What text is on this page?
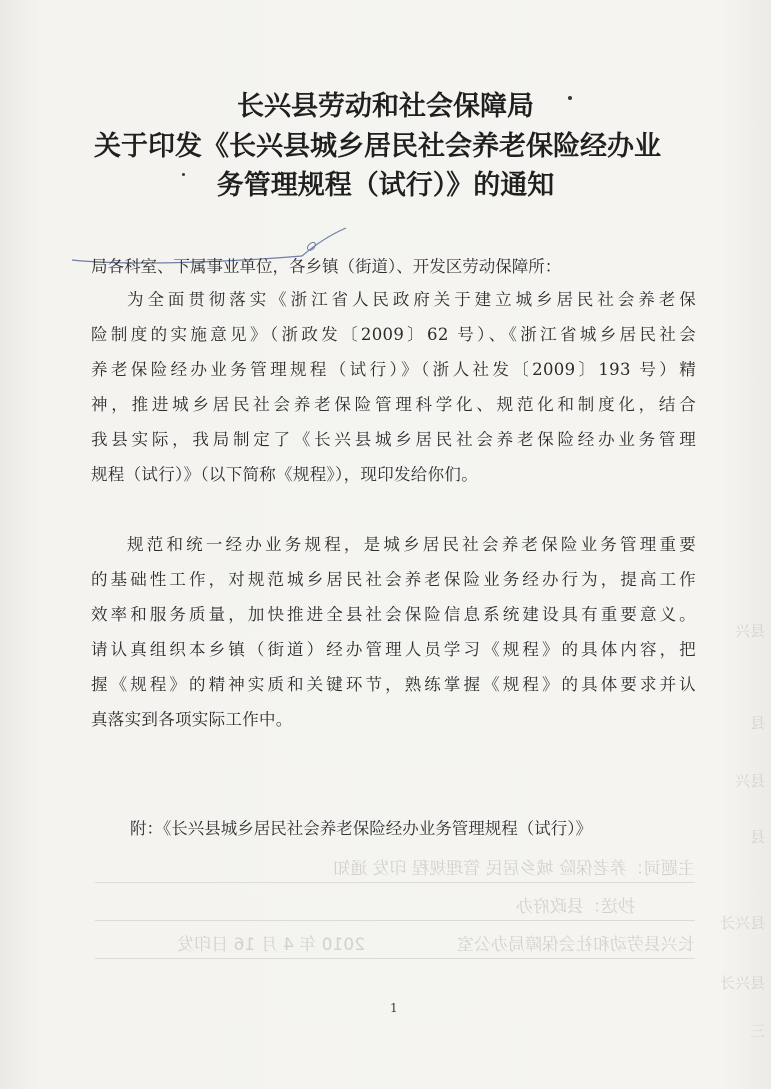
主题词：养老保险 城乡居民 管理规程 印发 通知
抄送：县政府办
长兴县劳动和社会保障局办公室
2010 年 4 月 16 日印发
兴县
县
兴县
县
长兴县
长兴县
三
长兴县劳动和社会保障局
关于印发《长兴县城乡居民社会养老保险经办业
务管理规程（试行）》的通知
局各科室、下属事业单位，各乡镇（街道）、开发区劳动保障所：
为全面贯彻落实《浙江省人民政府关于建立城乡居民社会养老保
险制度的实施意见》（浙政发〔2009〕62 号）、《浙江省城乡居民社会
养老保险经办业务管理规程（试行）》（浙人社发〔2009〕193 号）精
神，推进城乡居民社会养老保险管理科学化、规范化和制度化，结合
我县实际，我局制定了《长兴县城乡居民社会养老保险经办业务管理
规程（试行）》（以下简称《规程》），现印发给你们。
规范和统一经办业务规程，是城乡居民社会养老保险业务管理重要
的基础性工作，对规范城乡居民社会养老保险业务经办行为，提高工作
效率和服务质量，加快推进全县社会保险信息系统建设具有重要意义。
请认真组织本乡镇（街道）经办管理人员学习《规程》的具体内容，把
握《规程》的精神实质和关键环节，熟练掌握《规程》的具体要求并认
真落实到各项实际工作中。
附：《长兴县城乡居民社会养老保险经办业务管理规程（试行）》
1
